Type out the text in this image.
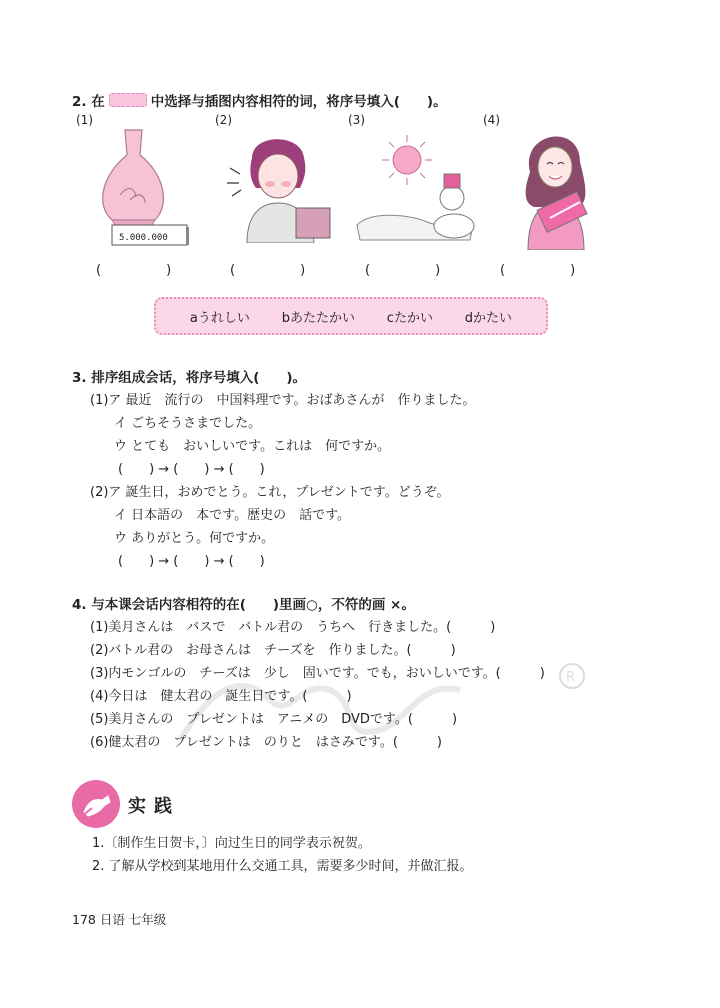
2. 在	中选择与插图内容相符的词，将序号填入(　　)。
(1)	(2)	(3)	(4)
5.000.000
(　　　　　)	(　　　　　)	(　　　　　)	(　　　　　)
aうれしい bあたたかい cたかい dかたい
3. 排序组成会话，将序号填入(　　)。
(1)ア 最近　流行の　中国料理です。おばあさんが　作りました。
イ ごちそうさまでした。
ウ とても　おいしいです。これは　何ですか。
(　　) → (　　) → (　　)
(2)ア 誕生日，おめでとう。これ，プレゼントです。どうぞ。
イ 日本語の　本です。歴史の　話です。
ウ ありがとう。何ですか。
(　　) → (　　) → (　　)
R
4. 与本课会话内容相符的在(　　)里画○，不符的画 ×。
(1)美月さんは　バスで　バトル君の　うちへ　行きました。(　　　)
(2)バトル君の　お母さんは　チーズを　作りました。(　　　)
(3)内モンゴルの　チーズは　少し　固いです。でも，おいしいです。(　　　)
(4)今日は　健太君の　誕生日です。(　　　)
(5)美月さんの　プレゼントは　アニメの　DVDです。(　　　)
(6)健太君の　プレゼントは　のりと　はさみです。(　　　)
实践
1.〔制作生日贺卡，〕向过生日的同学表示祝贺。
2. 了解从学校到某地用什么交通工具，需要多少时间，并做汇报。
178 日语 七年级
